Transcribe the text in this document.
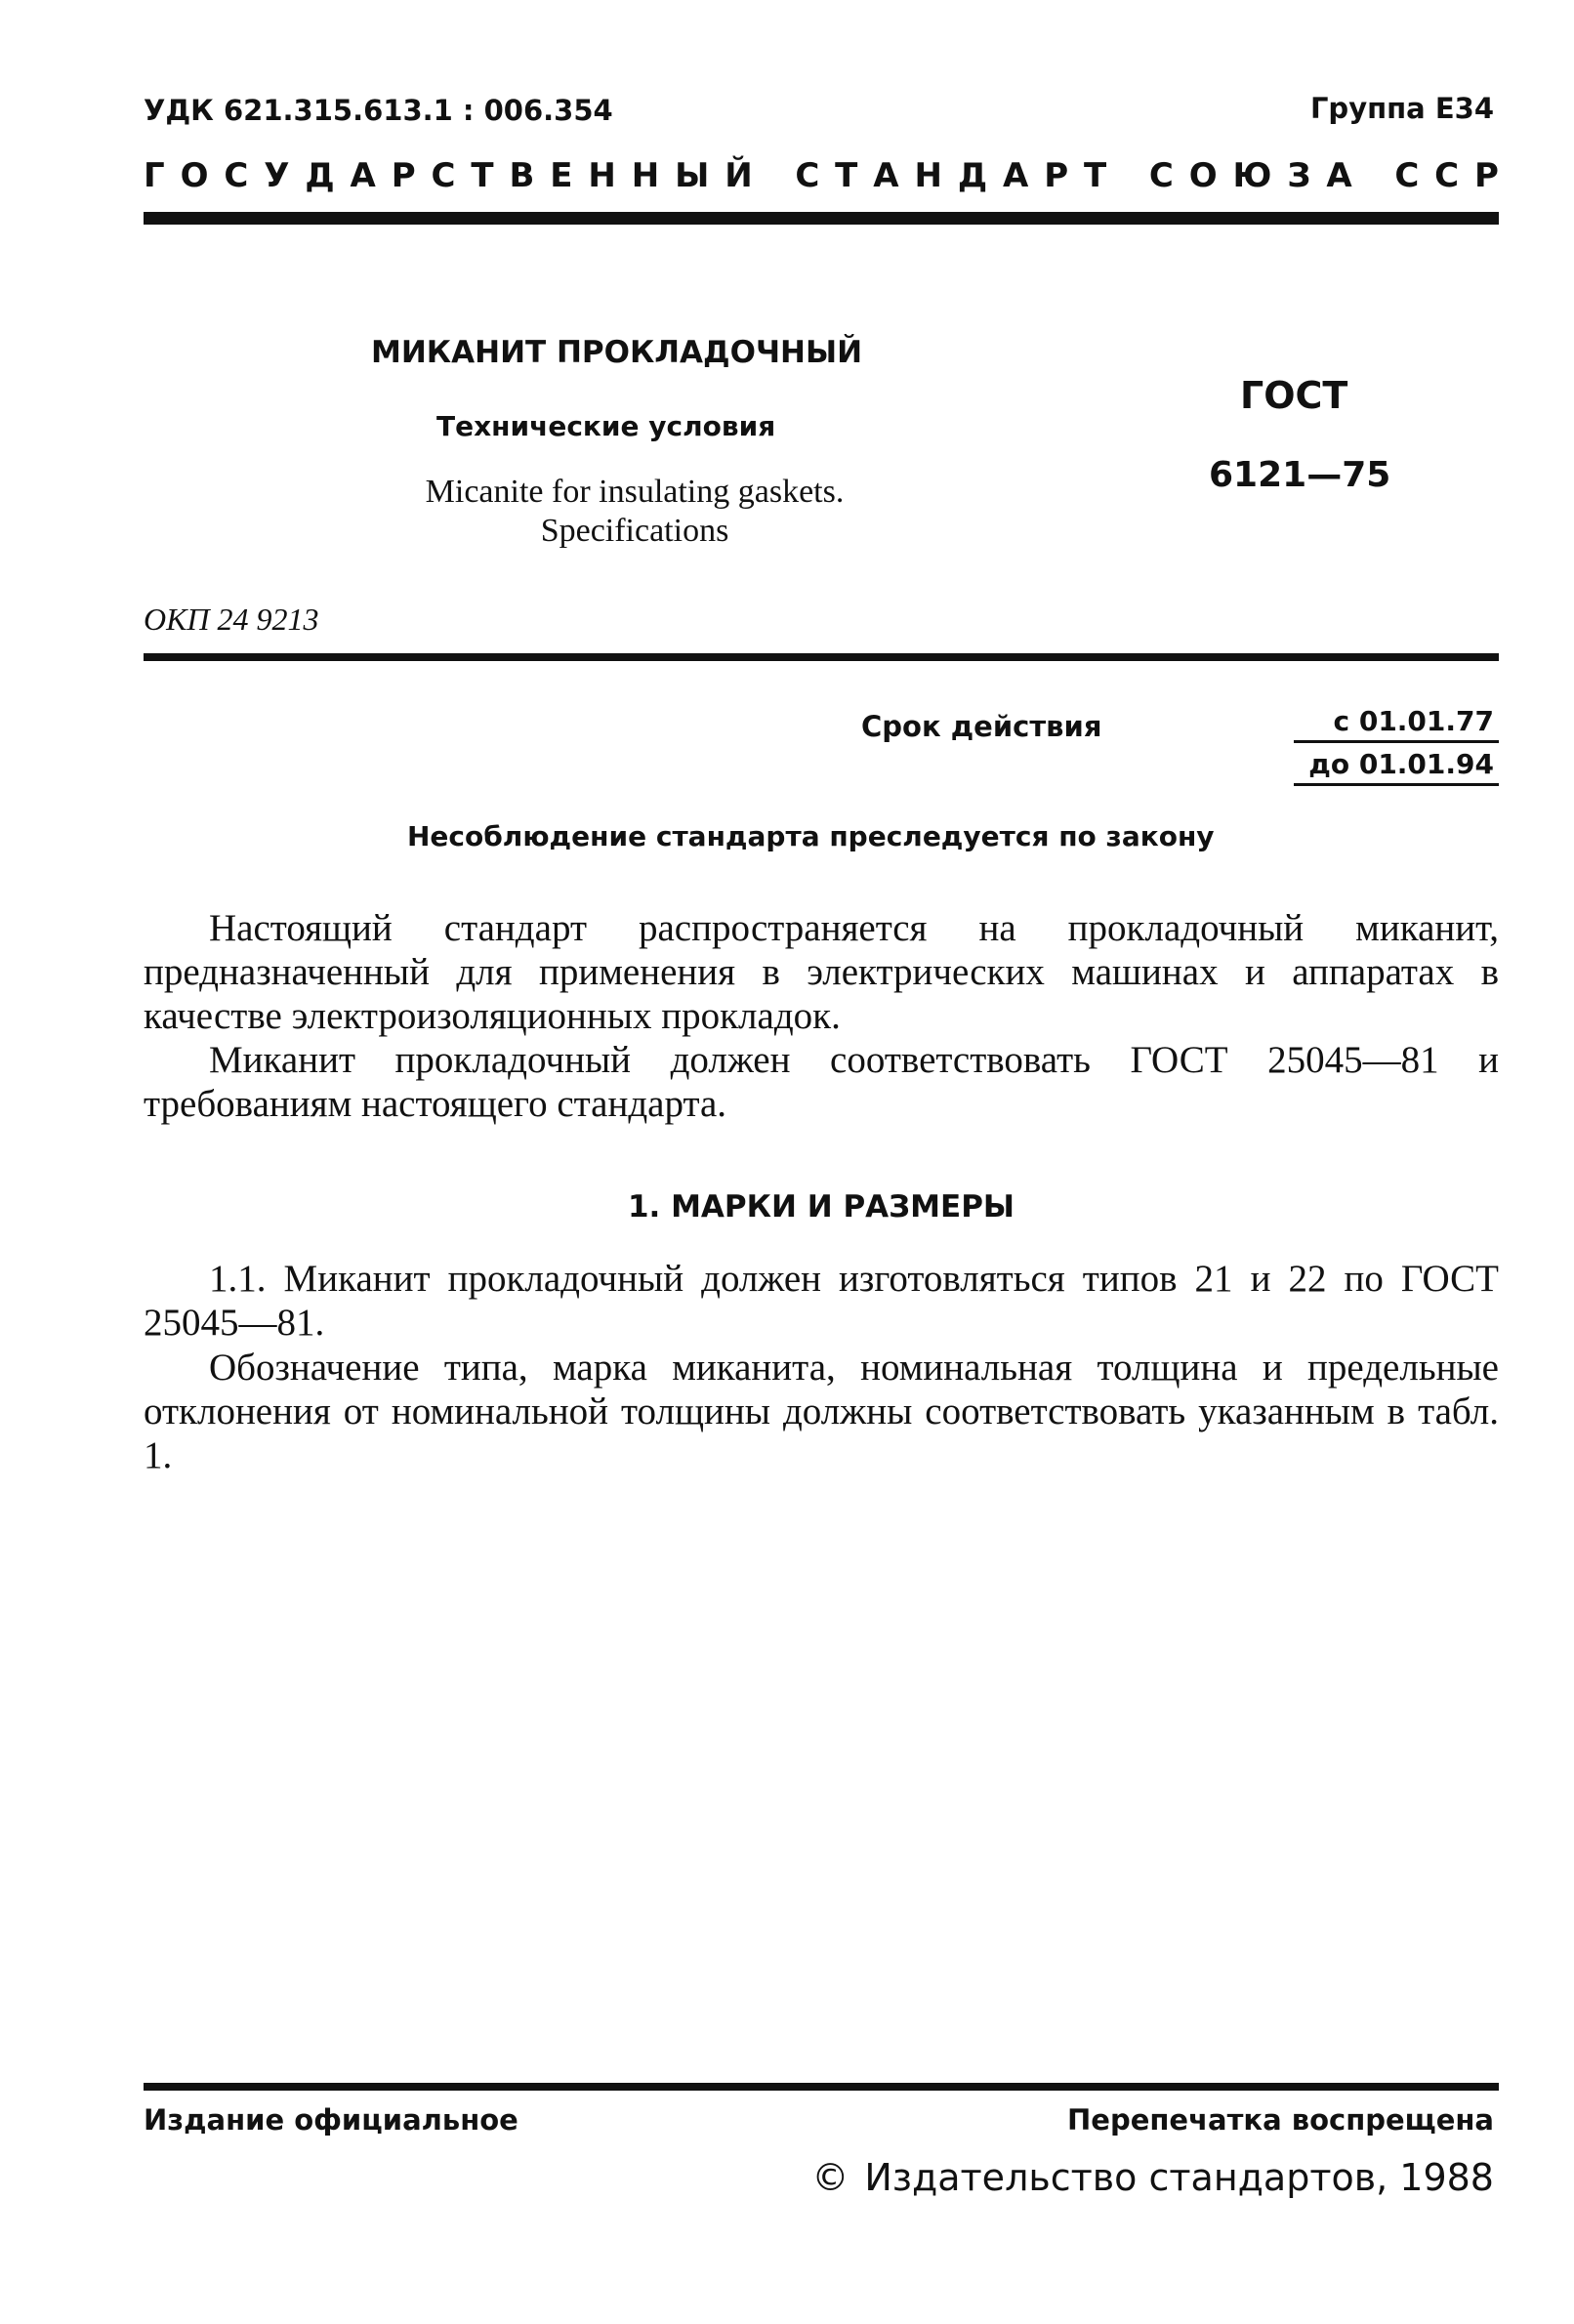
УДК 621.315.613.1 : 006.354	Группа Е34
Г О С У Д А Р С Т В Е Н Н Ы Й
С Т А Н Д А Р Т
С О Ю З А
С С Р
МИКАНИТ ПРОКЛАДОЧНЫЙ
Технические условия
Micanite for insulating gaskets.
Specifications
ГОСТ
6121—75
ОКП 24 9213
Срок действия	с 01.01.77
до 01.01.94
Несоблюдение стандарта преследуется по закону
Настоящий стандарт распространяется на прокладочный миканит, предназначенный для применения в электрических машинах и аппаратах в качестве электроизоляционных прокладок.
Миканит прокладочный должен соответствовать ГОСТ 25045—81 и требованиям настоящего стандарта.
1. МАРКИ И РАЗМЕРЫ
1.1. Миканит прокладочный должен изготовляться типов 21 и 22 по ГОСТ 25045—81.
Обозначение типа, марка миканита, номинальная толщина и предельные отклонения от номинальной толщины должны соответствовать указанным в табл. 1.
Издание официальное	Перепечатка воспрещена
© Издательство стандартов, 1988
